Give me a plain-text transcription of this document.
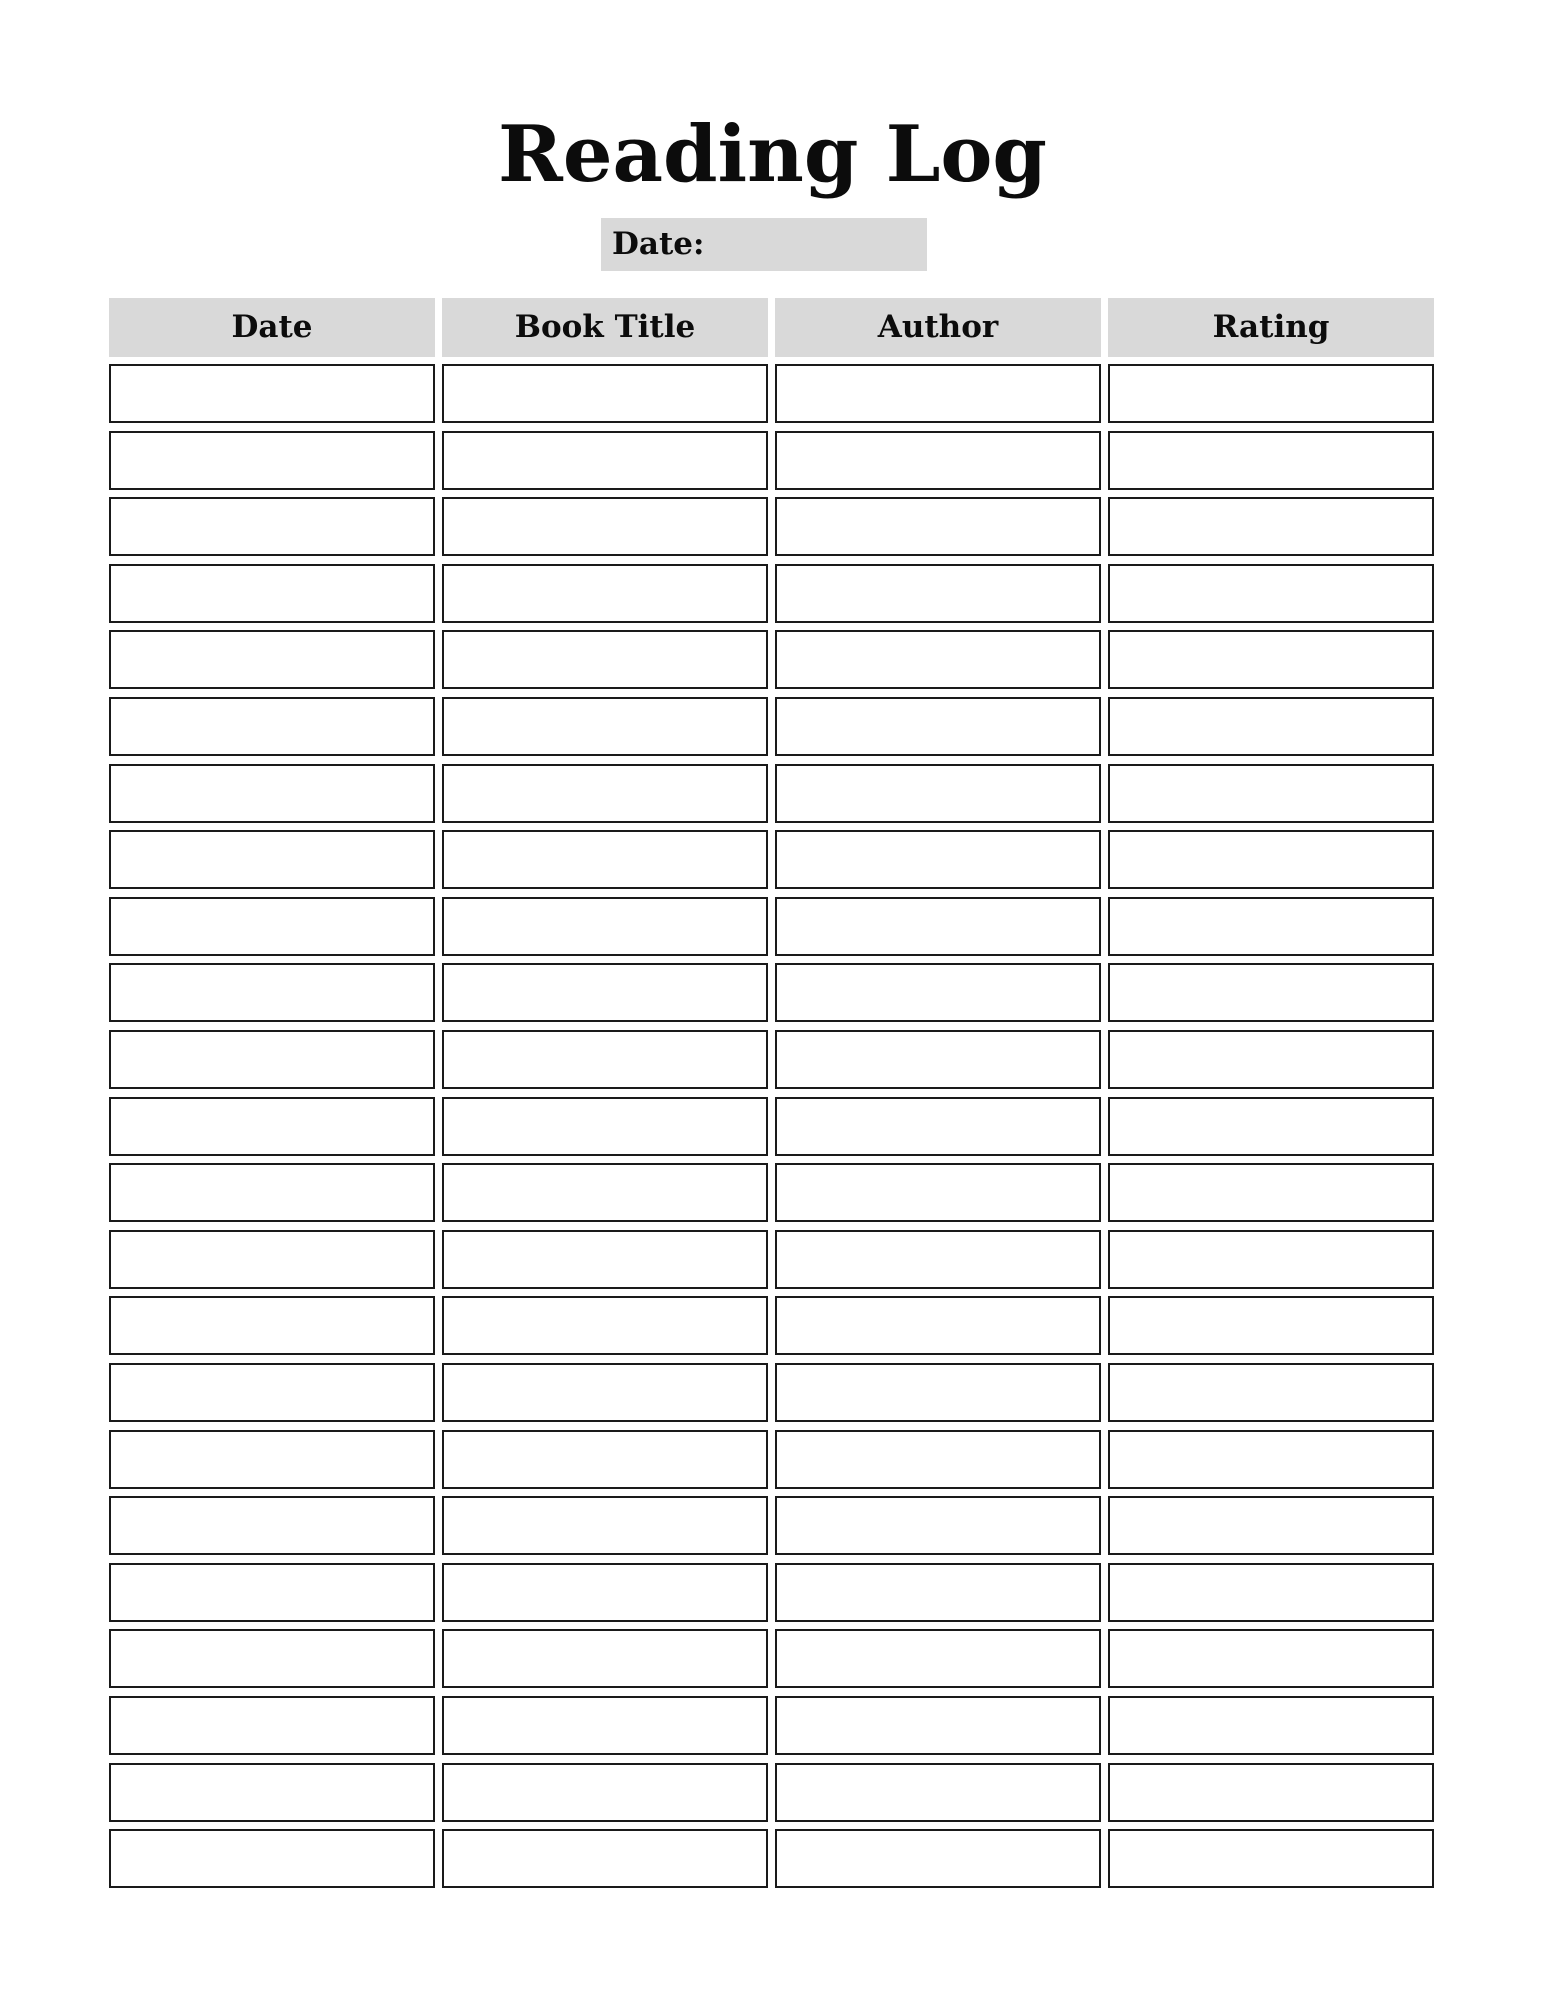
Reading Log
Date:
Date	Book Title	Author	Rating
